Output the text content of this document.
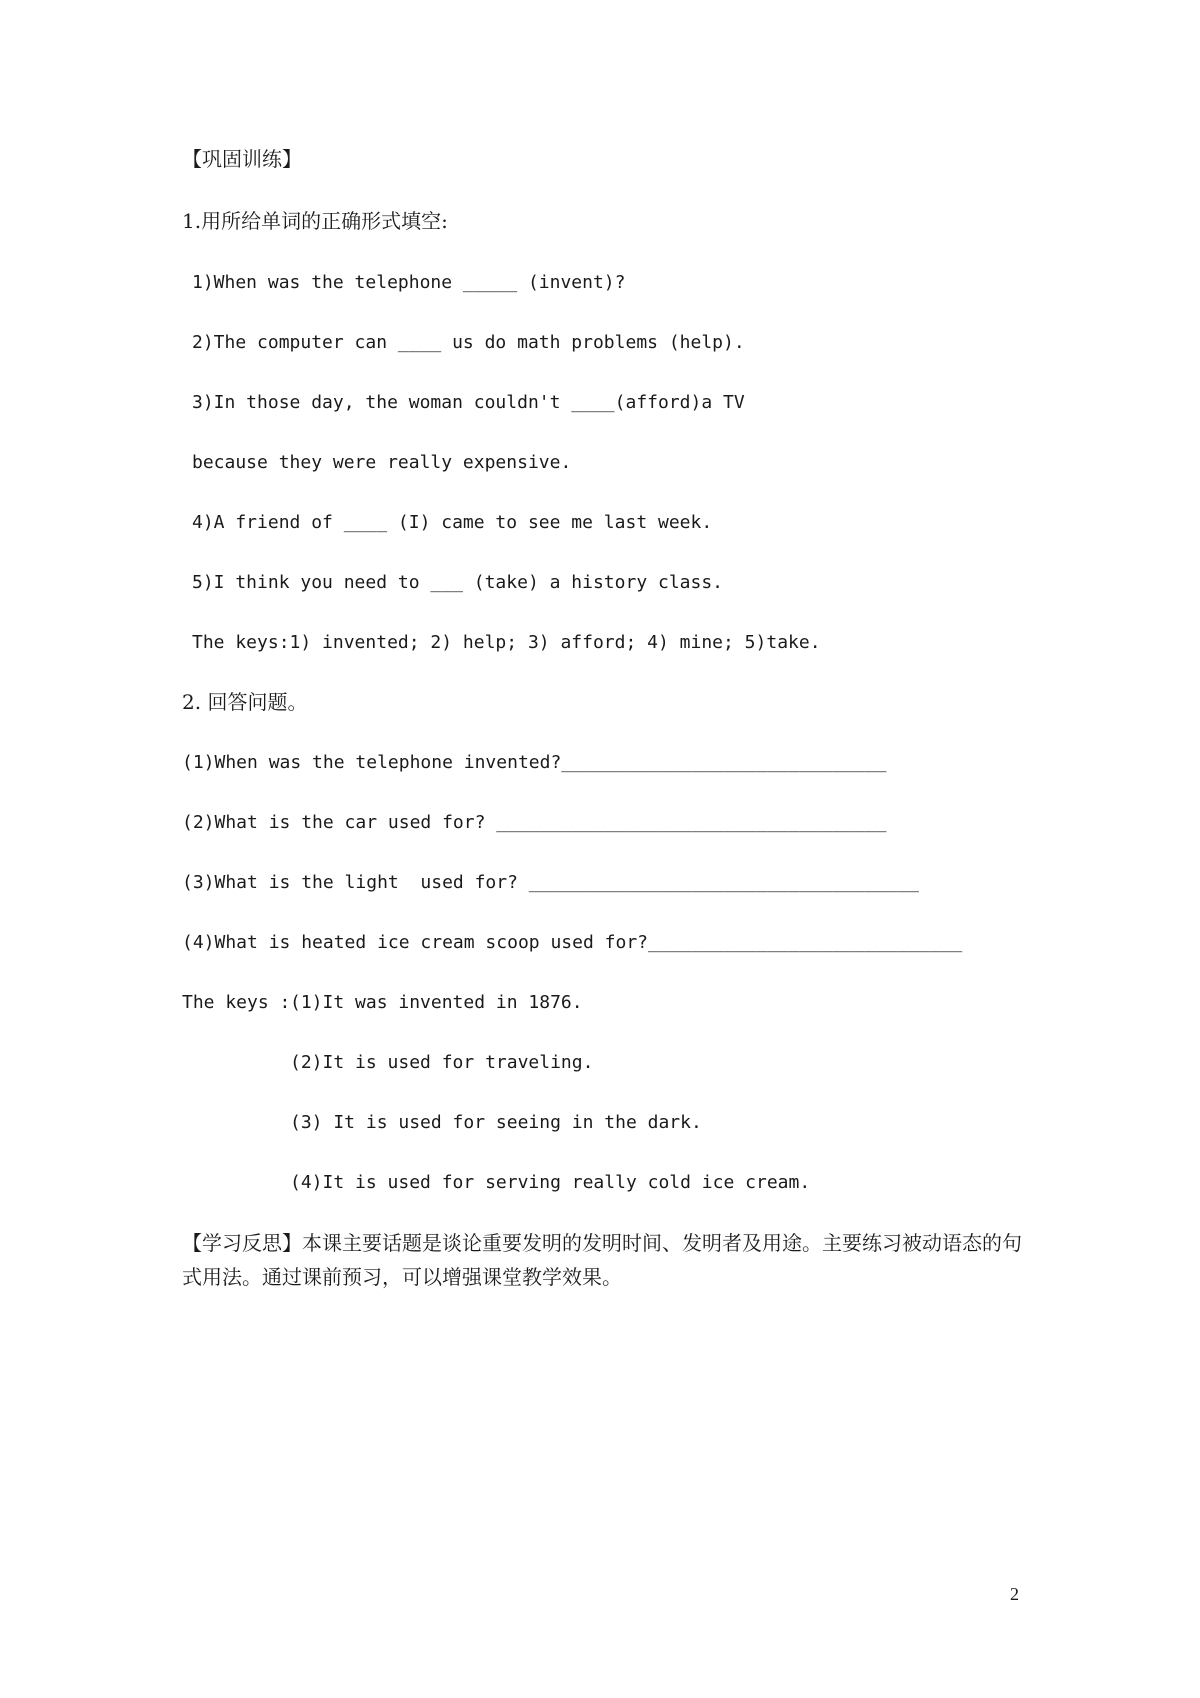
【巩固训练】
1.用所给单词的正确形式填空:
1)When was the telephone _____ (invent)?
2)The computer can ____ us do math problems (help).
3)In those day, the woman couldn't ____(afford)a TV
because they were really expensive.
4)A friend of ____ (I) came to see me last week.
5)I think you need to ___ (take) a history class.
The keys:1) invented; 2) help; 3) afford; 4) mine; 5)take.
2. 回答问题。
(1)When was the telephone invented?______________________________
(2)What is the car used for? ____________________________________
(3)What is the light  used for? ____________________________________
(4)What is heated ice cream scoop used for?_____________________________
The keys : (1)It was invented in 1876.
(2)It is used for traveling.
(3) It is used for seeing in the dark.
(4)It is used for serving really cold ice cream.
【学习反思】本课主要话题是谈论重要发明的发明时间、发明者及用途。主要练习被动语态的句式用法。通过课前预习，可以增强课堂教学效果。
2
